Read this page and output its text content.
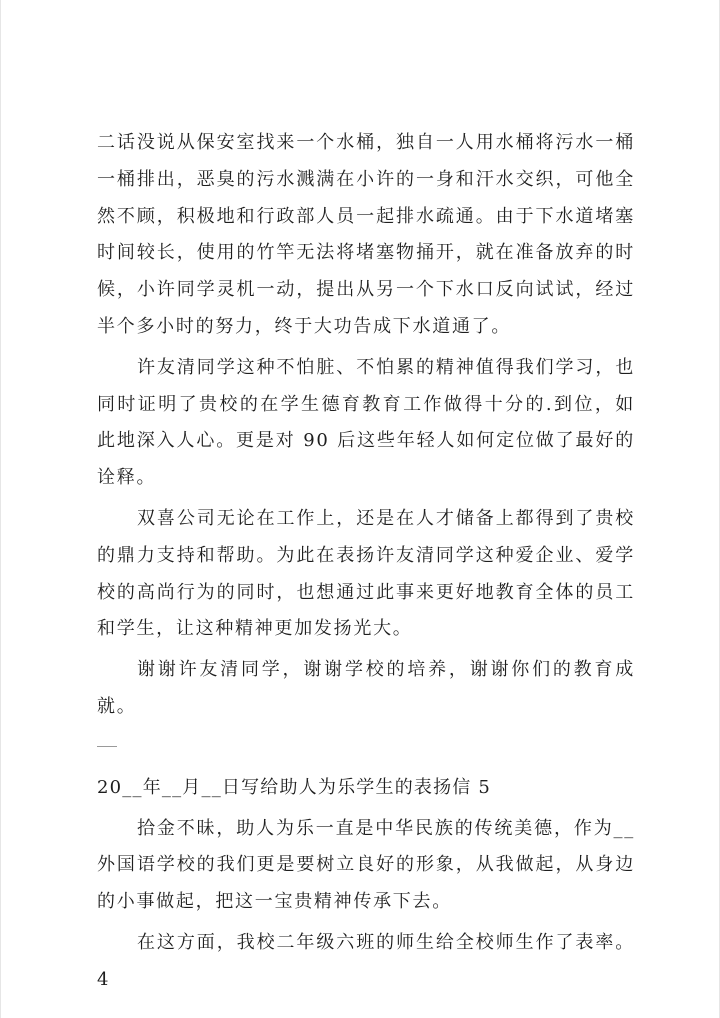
二话没说从保安室找来一个水桶，独自一人用水桶将污水一桶一桶排出，恶臭的污水溅满在小许的一身和汗水交织，可他全然不顾，积极地和行政部人员一起排水疏通。由于下水道堵塞时间较长，使用的竹竿无法将堵塞物捅开，就在准备放弃的时候，小许同学灵机一动，提出从另一个下水口反向试试，经过半个多小时的努力，终于大功告成下水道通了。

许友清同学这种不怕脏、不怕累的精神值得我们学习，也同时证明了贵校的在学生德育教育工作做得十分的.到位，如此地深入人心。更是对 90 后这些年轻人如何定位做了最好的诠释。

双喜公司无论在工作上，还是在人才储备上都得到了贵校的鼎力支持和帮助。为此在表扬许友清同学这种爱企业、爱学校的高尚行为的同时，也想通过此事来更好地教育全体的员工和学生，让这种精神更加发扬光大。

谢谢许友清同学，谢谢学校的培养，谢谢你们的教育成就。

20__年__月__日写给助人为乐学生的表扬信 5

拾金不昧，助人为乐一直是中华民族的传统美德，作为__外国语学校的我们更是要树立良好的形象，从我做起，从身边的小事做起，把这一宝贵精神传承下去。

在这方面，我校二年级六班的师生给全校师生作了表率。4
